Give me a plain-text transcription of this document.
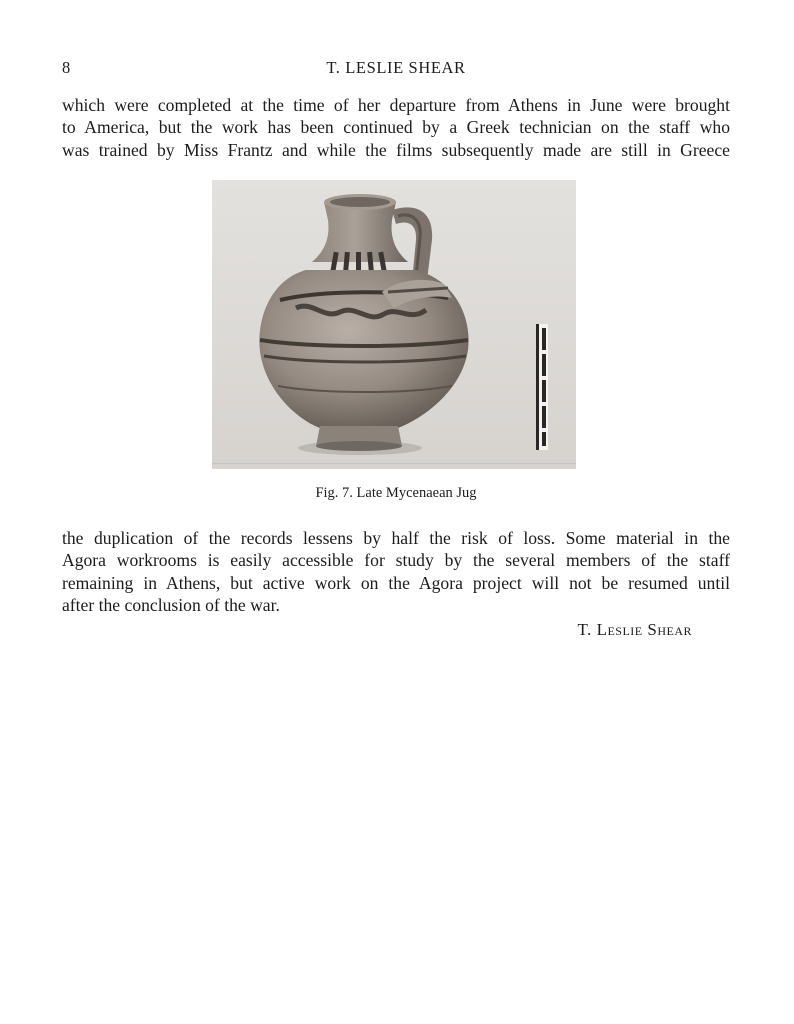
8	T. LESLIE SHEAR

which were completed at the time of her departure from Athens in June were brought
to America, but the work has been continued by a Greek technician on the staff who
was trained by Miss Frantz and while the films subsequently made are still in Greece

Fig. 7. Late Mycenaean Jug

the duplication of the records lessens by half the risk of loss. Some material in the
Agora workrooms is easily accessible for study by the several members of the staff
remaining in Athens, but active work on the Agora project will not be resumed until
after the conclusion of the war.

T. Leslie Shear
